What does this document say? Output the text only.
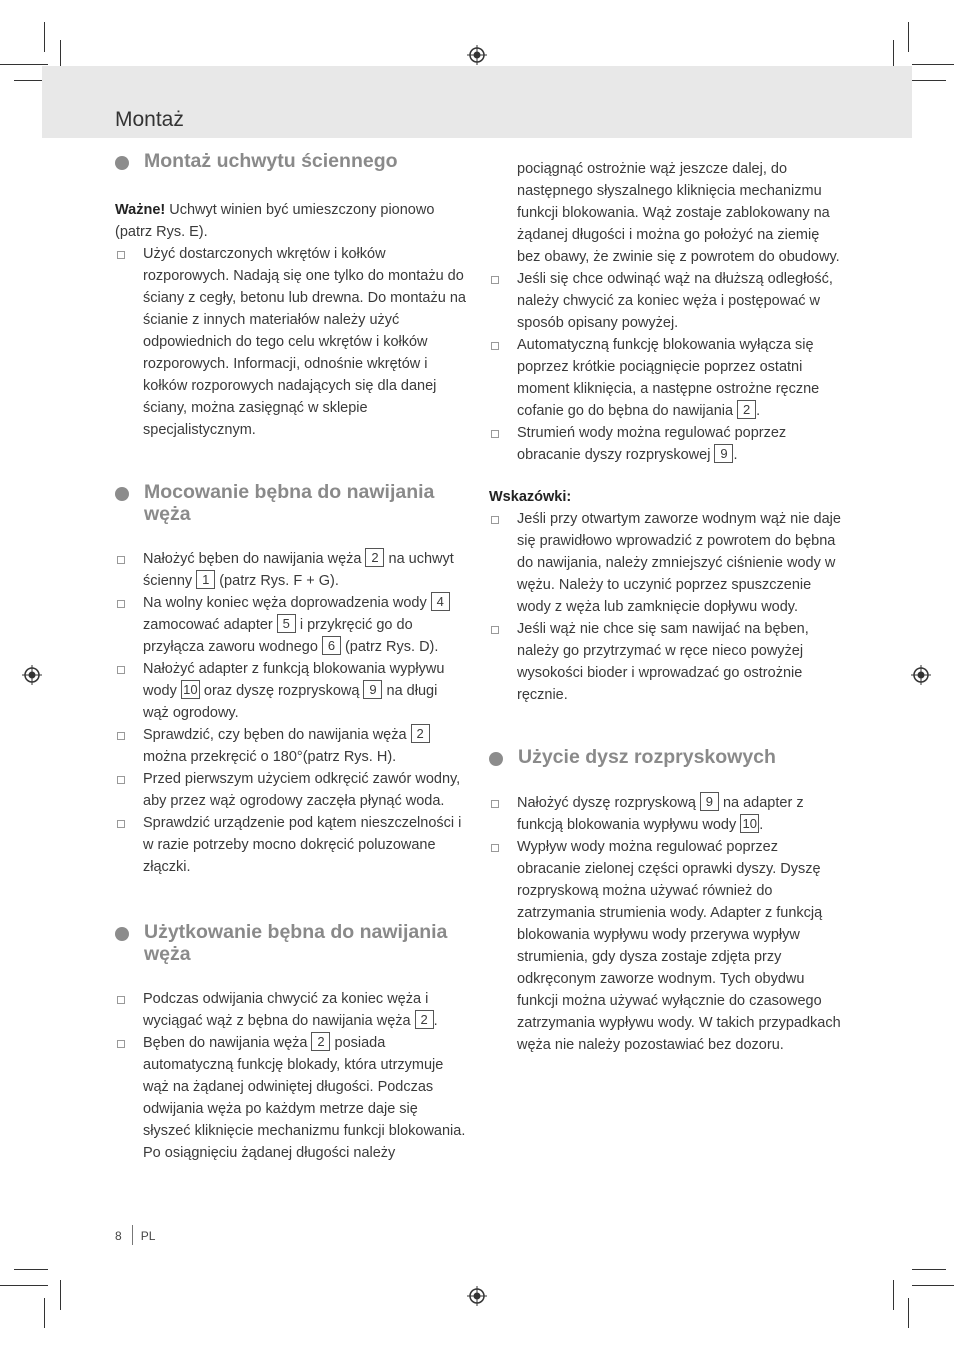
Montaż
Montaż uchwytu ściennego

Ważne! Uchwyt winien być umieszczony pionowo (patrz Rys. E).

Użyć dostarczonych wkrętów i kołków rozporowych. Nadają się one tylko do montażu do ściany z cegły, betonu lub drewna. Do montażu na ścianie z innych materiałów należy użyć odpowiednich do tego celu wkrętów i kołków rozporowych. Informacji, odnośnie wkrętów i kołków rozporowych nadających się dla danej ściany, można zasięgnąć w sklepie specjalistycznym.
Mocowanie bębna do nawijania węża
Nałożyć bęben do nawijania węża 2 na uchwyt ścienny 1 (patrz Rys. F + G).
Na wolny koniec węża doprowadzenia wody 4 zamocować adapter 5 i przykręcić go do przyłącza zaworu wodnego 6 (patrz Rys. D).
Nałożyć adapter z funkcją blokowania wypływu wody 10 oraz dyszę rozpryskową 9 na długi wąż ogrodowy.
Sprawdzić, czy bęben do nawijania węża 2 można przekręcić o 180°(patrz Rys. H).
Przed pierwszym użyciem odkręcić zawór wodny, aby przez wąż ogrodowy zaczęła płynąć woda.
Sprawdzić urządzenie pod kątem nieszczelności i w razie potrzeby mocno dokręcić poluzowane złączki.
Użytkowanie bębna do nawijania węża
Podczas odwijania chwycić za koniec węża i wyciągać wąż z bębna do nawijania węża 2 .
Bęben do nawijania węża 2 posiada automatyczną funkcję blokady, która utrzymuje wąż na żądanej odwiniętej długości. Podczas odwijania węża po każdym metrze daje się słyszeć kliknięcie mechanizmu funkcji blokowania. Po osiągnięciu żądanej długości należy
pociągnąć ostrożnie wąż jeszcze dalej, do następnego słyszalnego kliknięcia mechanizmu funkcji blokowania. Wąż zostaje zablokowany na żądanej długości i można go położyć na ziemię bez obawy, że zwinie się z powrotem do obudowy.
Jeśli się chce odwinąć wąż na dłuższą odległość, należy chwycić za koniec węża i postępować w sposób opisany powyżej.
Automatyczną funkcję blokowania wyłącza się poprzez krótkie pociągnięcie poprzez ostatni moment kliknięcia, a następne ostrożne ręczne cofanie go do bębna do nawijania 2 .
Strumień wody można regulować poprzez obracanie dyszy rozpryskowej 9 .

Wskazówki:

Jeśli przy otwartym zaworze wodnym wąż nie daje się prawidłowo wprowadzić z powrotem do bębna do nawijania, należy zmniejszyć ciśnienie wody w wężu. Należy to uczynić poprzez spuszczenie wody z węża lub zamknięcie dopływu wody.
Jeśli wąż nie chce się sam nawijać na bęben, należy go przytrzymać w ręce nieco powyżej wysokości bioder i wprowadzać go ostrożnie ręcznie.
Użycie dysz rozpryskowych
Nałożyć dyszę rozpryskową 9 na adapter z funkcją blokowania wypływu wody 10 .
Wypływ wody można regulować poprzez obracanie zielonej części oprawki dyszy. Dyszę rozpryskową można używać również do zatrzymania strumienia wody. Adapter z funkcją blokowania wypływu wody przerywa wypływ strumienia, gdy dysza zostaje zdjęta przy odkręconym zaworze wodnym. Tych obydwu funkcji można używać wyłącznie do czasowego zatrzymania wypływu wody. W takich przypadkach węża nie należy pozostawiać bez dozoru.
8 PL
